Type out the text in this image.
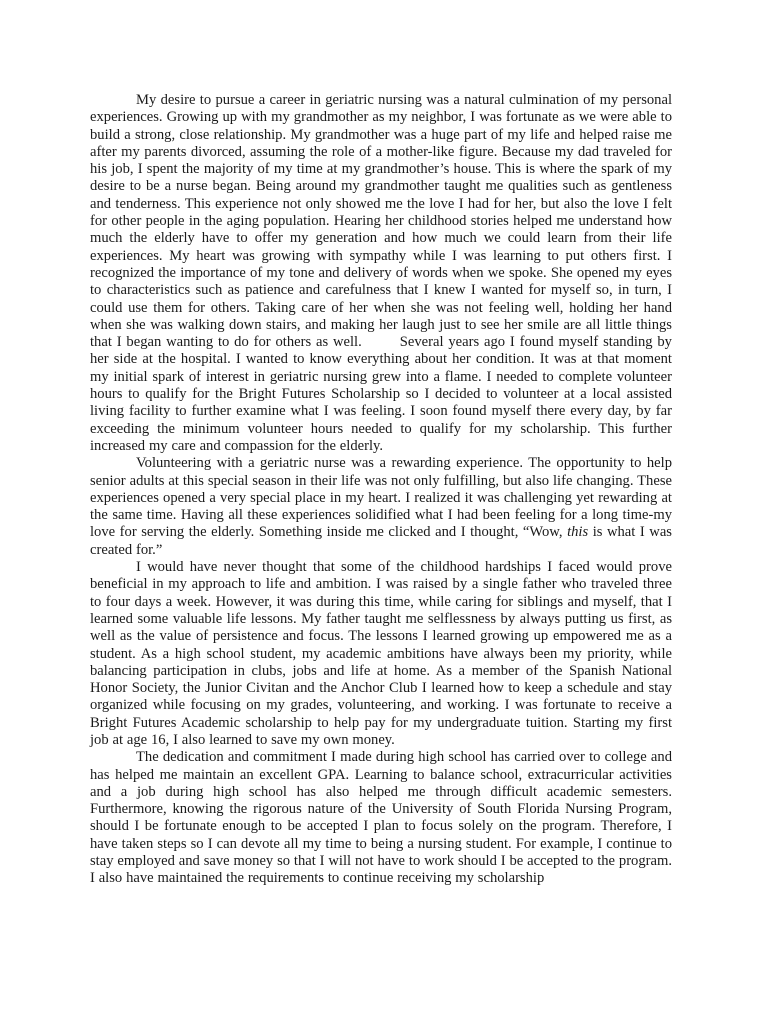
My desire to pursue a career in geriatric nursing was a natural culmination of my personal experiences. Growing up with my grandmother as my neighbor, I was fortunate as we were able to build a strong, close relationship. My grandmother was a huge part of my life and helped raise me after my parents divorced, assuming the role of a mother-like figure. Because my dad traveled for his job, I spent the majority of my time at my grandmother’s house. This is where the spark of my desire to be a nurse began. Being around my grandmother taught me qualities such as gentleness and tenderness. This experience not only showed me the love I had for her, but also the love I felt for other people in the aging population. Hearing her childhood stories helped me understand how much the elderly have to offer my generation and how much we could learn from their life experiences. My heart was growing with sympathy while I was learning to put others first. I recognized the importance of my tone and delivery of words when we spoke. She opened my eyes to characteristics such as patience and carefulness that I knew I wanted for myself so, in turn, I could use them for others. Taking care of her when she was not feeling well, holding her hand when she was walking down stairs, and making her laugh just to see her smile are all little things that I began wanting to do for others as well.	Several years ago I found myself standing by her side at the hospital. I wanted to know everything about her condition. It was at that moment my initial spark of interest in geriatric nursing grew into a flame. I needed to complete volunteer hours to qualify for the Bright Futures Scholarship so I decided to volunteer at a local assisted living facility to further examine what I was feeling. I soon found myself there every day, by far exceeding the minimum volunteer hours needed to qualify for my scholarship. This further increased my care and compassion for the elderly.

Volunteering with a geriatric nurse was a rewarding experience. The opportunity to help senior adults at this special season in their life was not only fulfilling, but also life changing. These experiences opened a very special place in my heart. I realized it was challenging yet rewarding at the same time. Having all these experiences solidified what I had been feeling for a long time-my love for serving the elderly. Something inside me clicked and I thought, “Wow, this is what I was created for.”

I would have never thought that some of the childhood hardships I faced would prove beneficial in my approach to life and ambition. I was raised by a single father who traveled three to four days a week. However, it was during this time, while caring for siblings and myself, that I learned some valuable life lessons. My father taught me selflessness by always putting us first, as well as the value of persistence and focus. The lessons I learned growing up empowered me as a student. As a high school student, my academic ambitions have always been my priority, while balancing participation in clubs, jobs and life at home. As a member of the Spanish National Honor Society, the Junior Civitan and the Anchor Club I learned how to keep a schedule and stay organized while focusing on my grades, volunteering, and working. I was fortunate to receive a Bright Futures Academic scholarship to help pay for my undergraduate tuition. Starting my first job at age 16, I also learned to save my own money.

The dedication and commitment I made during high school has carried over to college and has helped me maintain an excellent GPA. Learning to balance school, extracurricular activities and a job during high school has also helped me through difficult academic semesters. Furthermore, knowing the rigorous nature of the University of South Florida Nursing Program, should I be fortunate enough to be accepted I plan to focus solely on the program. Therefore, I have taken steps so I can devote all my time to being a nursing student. For example, I continue to stay employed and save money so that I will not have to work should I be accepted to the program. I also have maintained the requirements to continue receiving my scholarship
